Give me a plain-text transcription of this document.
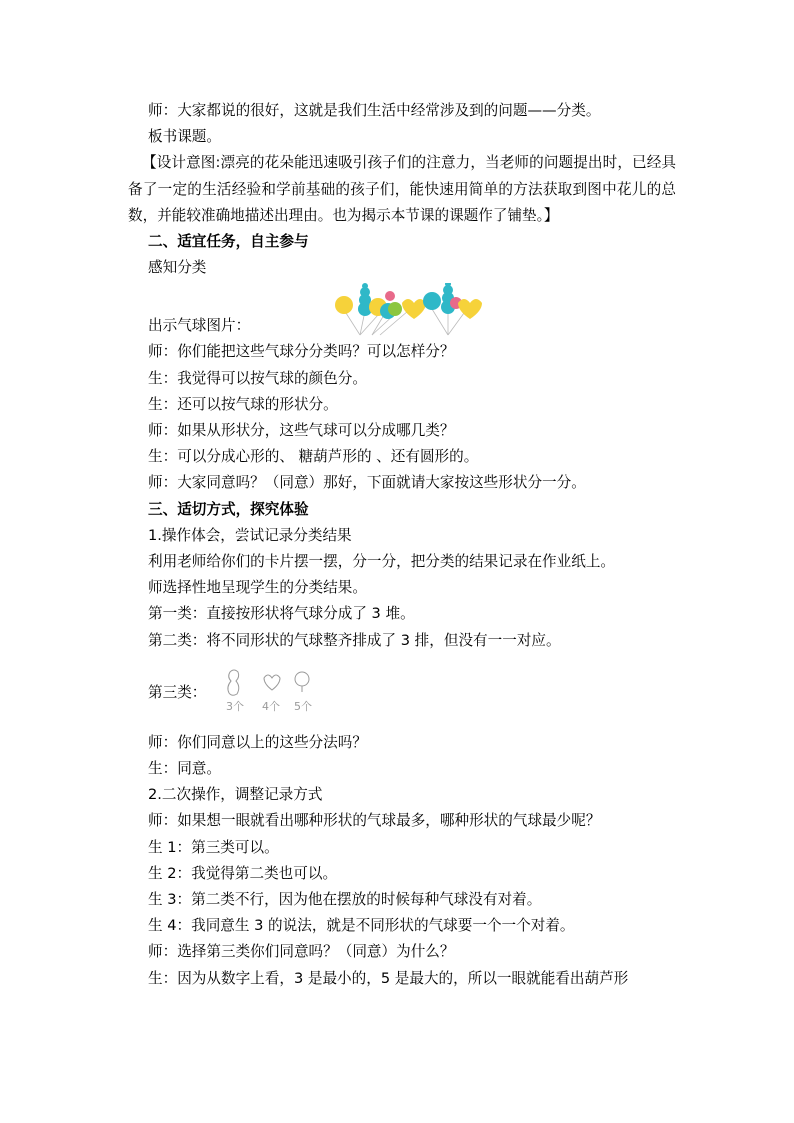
师：大家都说的很好，这就是我们生活中经常涉及到的问题——分类。

板书课题。

【设计意图:漂亮的花朵能迅速吸引孩子们的注意力，当老师的问题提出时，已经具备了一定的生活经验和学前基础的孩子们，能快速用简单的方法获取到图中花儿的总数，并能较准确地描述出理由。也为揭示本节课的课题作了铺垫。】

二、适宜任务，自主参与

感知分类

出示气球图片：

师：你们能把这些气球分分类吗？可以怎样分？

生：我觉得可以按气球的颜色分。

生：还可以按气球的形状分。

师：如果从形状分，这些气球可以分成哪几类？

生：可以分成心形的、 糖葫芦形的 、还有圆形的。

师：大家同意吗？（同意）那好，下面就请大家按这些形状分一分。

三、适切方式，探究体验

1.操作体会，尝试记录分类结果

利用老师给你们的卡片摆一摆，分一分，把分类的结果记录在作业纸上。

师选择性地呈现学生的分类结果。

第一类：直接按形状将气球分成了 3 堆。

第二类：将不同形状的气球整齐排成了 3 排，但没有一一对应。

第三类：
3个 4个 5个

师：你们同意以上的这些分法吗？

生：同意。

2.二次操作，调整记录方式

师：如果想一眼就看出哪种形状的气球最多，哪种形状的气球最少呢？

生 1：第三类可以。

生 2：我觉得第二类也可以。

生 3：第二类不行，因为他在摆放的时候每种气球没有对着。

生 4：我同意生 3 的说法，就是不同形状的气球要一个一个对着。

师：选择第三类你们同意吗？（同意）为什么？

生：因为从数字上看，3 是最小的，5 是最大的，所以一眼就能看出葫芦形
